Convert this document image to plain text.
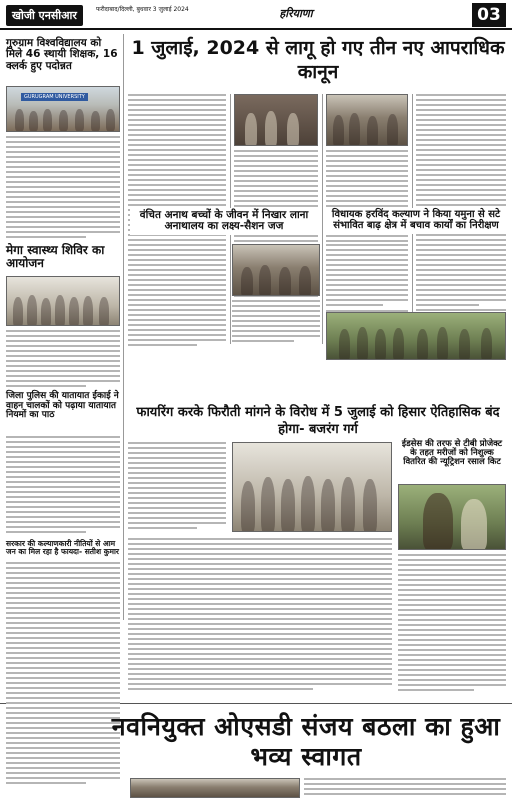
खोजी एनसीआर	फरीदाबाद/दिल्ली, बुधवार 3 जुलाई 2024	हरियाणा	03
गुरुग्राम विश्वविद्यालय को मिले 46 स्थायी शिक्षक, 16 क्लर्क हुए पदोन्नत
GURUGRAM UNIVERSITY
मेगा स्वास्थ्य शिविर का आयोजन
जिला पुलिस की यातायात ईकाई ने वाहन चालकों को पढ़ाया यातायात नियमों का पाठ
सरकार की कल्याणकारी नीतियों से आम जन का मिल रहा है फायदा- सतीश कुमार
1 जुलाई, 2024 से लागू हो गए तीन नए आपराधिक कानून
वंचित अनाथ बच्चों के जीवन में निखार लाना अनाथालय का लक्ष्य-सैशन जज
विधायक हरविंद कल्याण ने किया यमुना से सटे संभावित बाढ़ क्षेत्र में बचाव कार्यों का निरीक्षण
फायरिंग करके फिरौती मांगने के विरोध में 5 जुलाई को हिसार ऐतिहासिक बंद होगा- बजरंग गर्ग
ईडसेस की तरफ से टीबी प्रोजेक्ट के तहत मरीजों को निशुल्क वितरित की न्यूट्रिशन रसाल किट
नवनियुक्त ओएसडी संजय बठला का हुआ भव्य स्वागत
